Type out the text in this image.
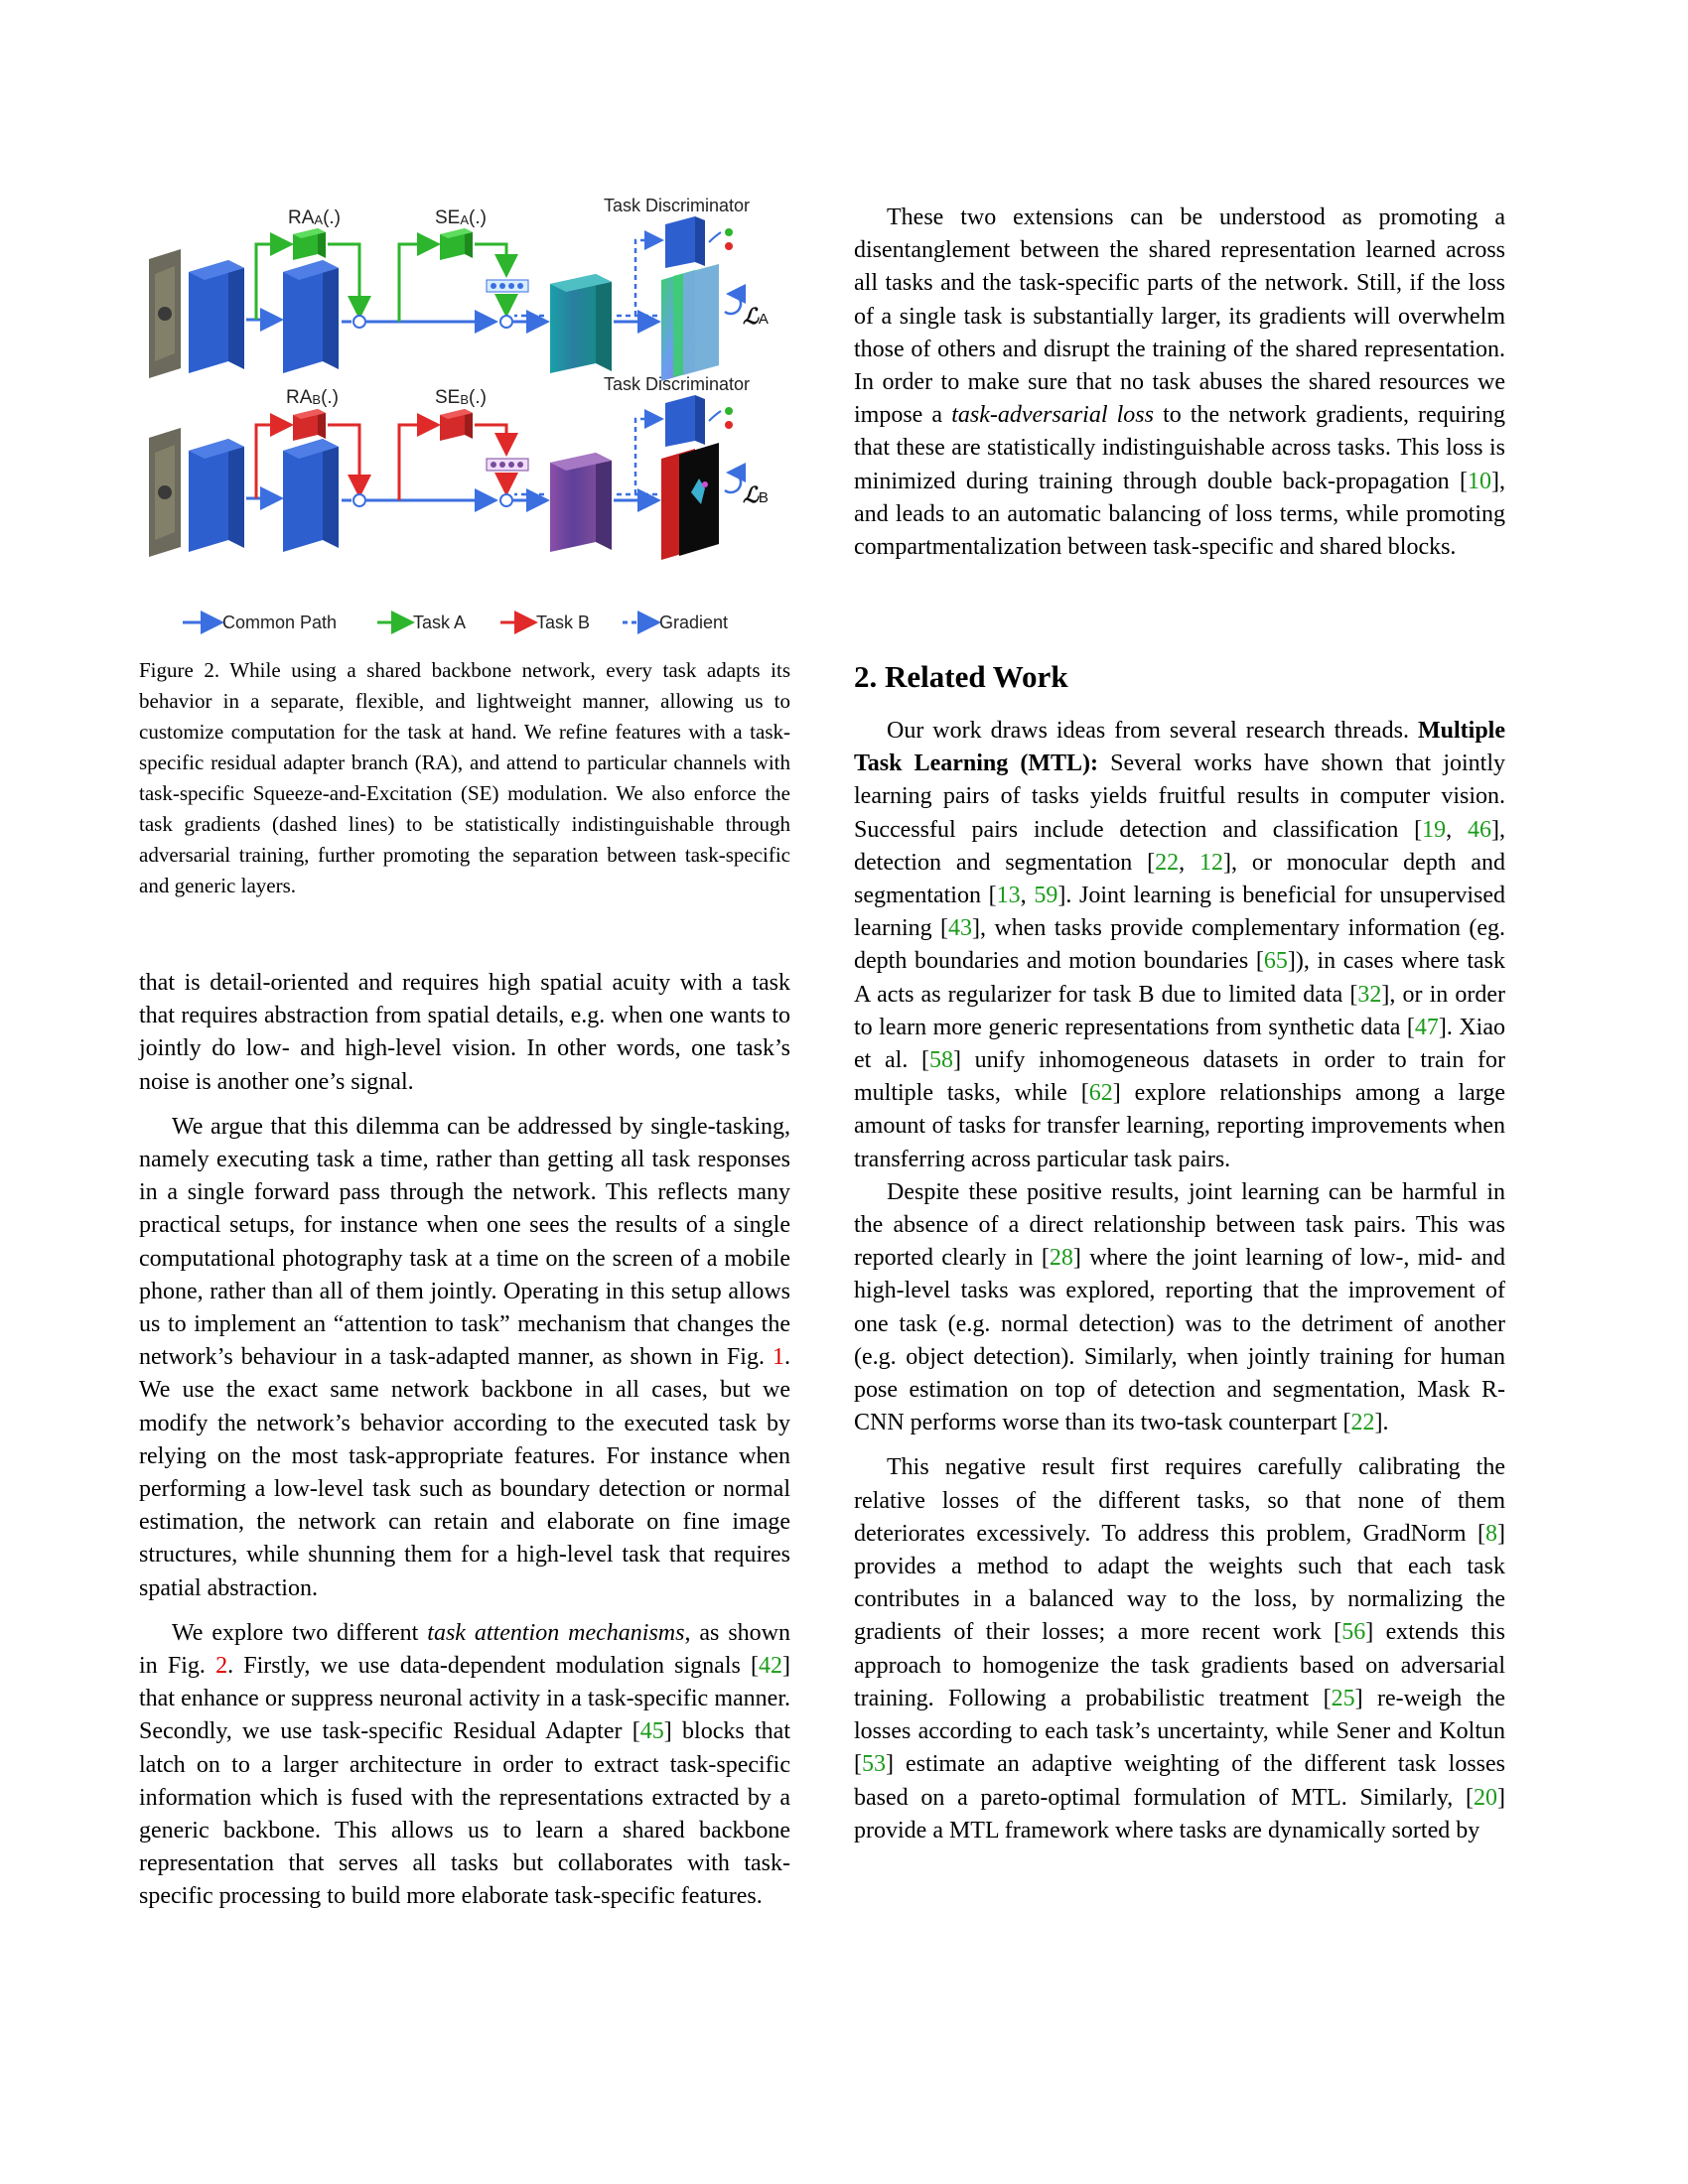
$RA_A(.)$	$SE_A(.)$
Task Discriminator
ℒA
$RA_B(.)$	$SE_B(.)$
Task Discriminator
ℒB
Common Path	Task A	Task B	Gradient
Figure 2. While using a shared backbone network, every task adapts its behavior in a separate, flexible, and lightweight manner, allowing us to customize computation for the task at hand. We refine features with a task-specific residual adapter branch (RA), and attend to particular channels with task-specific Squeeze-and-Excitation (SE) modulation. We also enforce the task gradients (dashed lines) to be statistically indistinguishable through adversarial training, further promoting the separation between task-specific and generic layers.

that is detail-oriented and requires high spatial acuity with a task that requires abstraction from spatial details, e.g. when one wants to jointly do low- and high-level vision. In other words, one task’s noise is another one’s signal.

We argue that this dilemma can be addressed by single-tasking, namely executing task a time, rather than getting all task responses in a single forward pass through the network. This reflects many practical setups, for instance when one sees the results of a single computational photography task at a time on the screen of a mobile phone, rather than all of them jointly. Operating in this setup allows us to implement an “attention to task” mechanism that changes the network’s behaviour in a task-adapted manner, as shown in Fig. 1. We use the exact same network backbone in all cases, but we modify the network’s behavior according to the executed task by relying on the most task-appropriate features. For instance when performing a low-level task such as boundary detection or normal estimation, the network can retain and elaborate on fine image structures, while shunning them for a high-level task that requires spatial abstraction.

We explore two different task attention mechanisms, as shown in Fig. 2. Firstly, we use data-dependent modulation signals [42] that enhance or suppress neuronal activity in a task-specific manner. Secondly, we use task-specific Residual Adapter [45] blocks that latch on to a larger architecture in order to extract task-specific information which is fused with the representations extracted by a generic backbone. This allows us to learn a shared backbone representation that serves all tasks but collaborates with task-specific processing to build more elaborate task-specific features.

These two extensions can be understood as promoting a disentanglement between the shared representation learned across all tasks and the task-specific parts of the network. Still, if the loss of a single task is substantially larger, its gradients will overwhelm those of others and disrupt the training of the shared representation. In order to make sure that no task abuses the shared resources we impose a task-adversarial loss to the network gradients, requiring that these are statistically indistinguishable across tasks. This loss is minimized during training through double back-propagation [10], and leads to an automatic balancing of loss terms, while promoting compartmentalization between task-specific and shared blocks.

2. Related Work

Our work draws ideas from several research threads. Multiple Task Learning (MTL): Several works have shown that jointly learning pairs of tasks yields fruitful results in computer vision. Successful pairs include detection and classification [19, 46], detection and segmentation [22, 12], or monocular depth and segmentation [13, 59]. Joint learning is beneficial for unsupervised learning [43], when tasks provide complementary information (eg. depth boundaries and motion boundaries [65]), in cases where task A acts as regularizer for task B due to limited data [32], or in order to learn more generic representations from synthetic data [47]. Xiao et al. [58] unify inhomogeneous datasets in order to train for multiple tasks, while [62] explore relationships among a large amount of tasks for transfer learning, reporting improvements when transferring across particular task pairs.

Despite these positive results, joint learning can be harmful in the absence of a direct relationship between task pairs. This was reported clearly in [28] where the joint learning of low-, mid- and high-level tasks was explored, reporting that the improvement of one task (e.g. normal detection) was to the detriment of another (e.g. object detection). Similarly, when jointly training for human pose estimation on top of detection and segmentation, Mask R-CNN performs worse than its two-task counterpart [22].

This negative result first requires carefully calibrating the relative losses of the different tasks, so that none of them deteriorates excessively. To address this problem, GradNorm [8] provides a method to adapt the weights such that each task contributes in a balanced way to the loss, by normalizing the gradients of their losses; a more recent work [56] extends this approach to homogenize the task gradients based on adversarial training. Following a probabilistic treatment [25] re-weigh the losses according to each task’s uncertainty, while Sener and Koltun [53] estimate an adaptive weighting of the different task losses based on a pareto-optimal formulation of MTL. Similarly, [20] provide a MTL framework where tasks are dynamically sorted by
